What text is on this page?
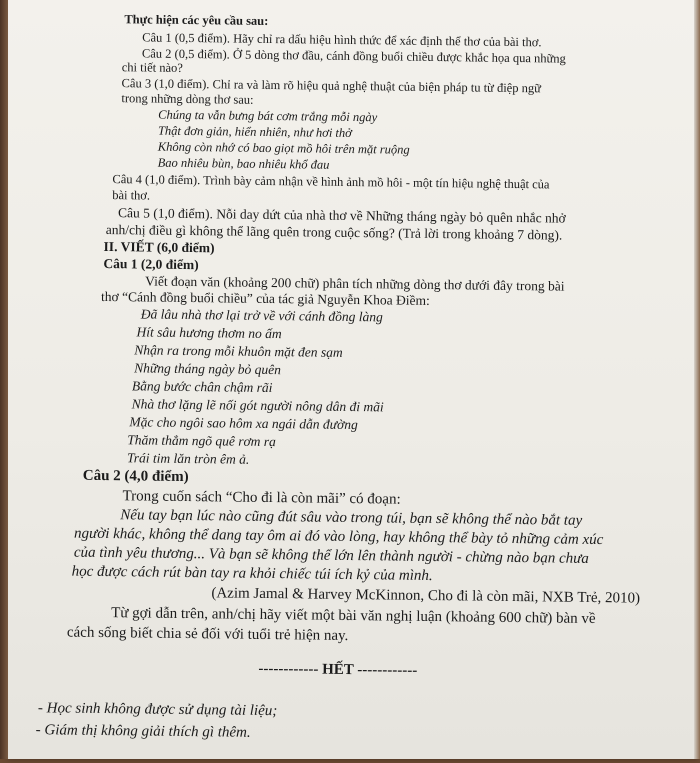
Thực hiện các yêu cầu sau:
Câu 1 (0,5 điểm). Hãy chỉ ra dấu hiệu hình thức để xác định thể thơ của bài thơ.
Câu 2 (0,5 điểm). Ở 5 dòng thơ đầu, cánh đồng buổi chiều được khắc họa qua những
chi tiết nào?
Câu 3 (1,0 điểm). Chỉ ra và làm rõ hiệu quả nghệ thuật của biện pháp tu từ điệp ngữ
trong những dòng thơ sau:
Chúng ta vẫn bưng bát cơm trắng mỗi ngày
Thật đơn giản, hiển nhiên, như hơi thở
Không còn nhớ có bao giọt mồ hôi trên mặt ruộng
Bao nhiêu bùn, bao nhiêu khổ đau
Câu 4 (1,0 điểm). Trình bày cảm nhận về hình ảnh mồ hôi - một tín hiệu nghệ thuật của
bài thơ.
Câu 5 (1,0 điểm). Nỗi day dứt của nhà thơ về Những tháng ngày bỏ quên nhắc nhở
anh/chị điều gì không thể lãng quên trong cuộc sống? (Trả lời trong khoảng 7 dòng).
II. VIẾT (6,0 điểm)
Câu 1 (2,0 điểm)
Viết đoạn văn (khoảng 200 chữ) phân tích những dòng thơ dưới đây trong bài
thơ “Cánh đồng buổi chiều” của tác giả Nguyễn Khoa Điềm:
Đã lâu nhà thơ lại trở về với cánh đồng làng
Hít sâu hương thơm no ấm
Nhận ra trong mỗi khuôn mặt đen sạm
Những tháng ngày bỏ quên
Bằng bước chân chậm rãi
Nhà thơ lặng lẽ nối gót người nông dân đi mãi
Mặc cho ngôi sao hôm xa ngái dẫn đường
Thăm thẳm ngõ quê rơm rạ
Trái tim lăn tròn êm ả.
Câu 2 (4,0 điểm)
Trong cuốn sách “Cho đi là còn mãi” có đoạn:
Nếu tay bạn lúc nào cũng đút sâu vào trong túi, bạn sẽ không thể nào bắt tay
người khác, không thể dang tay ôm ai đó vào lòng, hay không thể bày tỏ những cảm xúc
của tình yêu thương... Và bạn sẽ không thể lớn lên thành người - chừng nào bạn chưa
học được cách rút bàn tay ra khỏi chiếc túi ích kỷ của mình.
(Azim Jamal & Harvey McKinnon, Cho đi là còn mãi, NXB Trẻ, 2010)
Từ gợi dẫn trên, anh/chị hãy viết một bài văn nghị luận (khoảng 600 chữ) bàn về
cách sống biết chia sẻ đối với tuổi trẻ hiện nay.
------------ HẾT ------------
- Học sinh không được sử dụng tài liệu;
- Giám thị không giải thích gì thêm.
